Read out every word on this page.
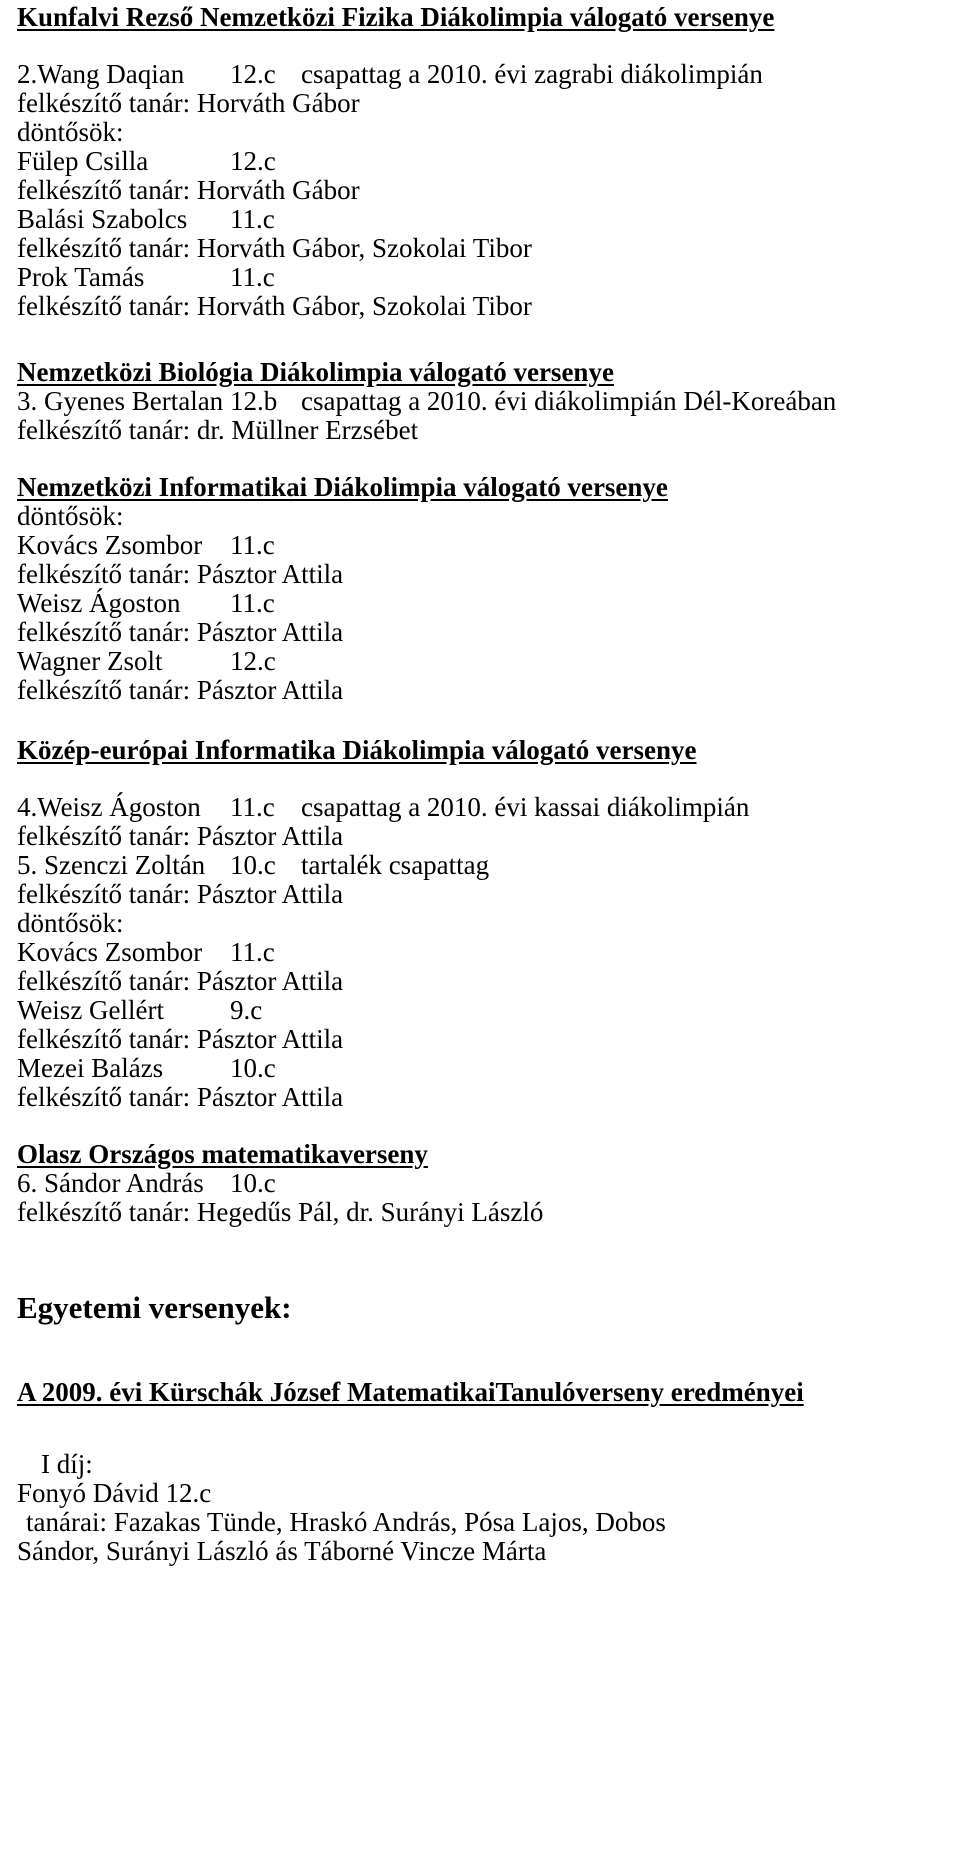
Kunfalvi Rezső Nemzetközi Fizika Diákolimpia válogató versenye

2.Wang Daqian

12.c

csapattag a 2010. évi zagrabi diákolimpián

felkészítő tanár: Horváth Gábor
döntősök:

Fülep Csilla

	12.c

felkészítő tanár: Horváth Gábor

Balási Szabolcs

11.c

felkészítő tanár: Horváth Gábor, Szokolai Tibor

Prok Tamás

	11.c

felkészítő tanár: Horváth Gábor, Szokolai Tibor
Nemzetközi Biológia Diákolimpia válogató versenye

3. Gyenes Bertalan

12.b

csapattag a 2010. évi diákolimpián Dél-Koreában

felkészítő tanár: dr. Müllner Erzsébet
Nemzetközi Informatikai Diákolimpia válogató versenye
döntősök:

Kovács Zsombor

11.c

felkészítő tanár: Pásztor Attila

Weisz Ágoston

11.c

felkészítő tanár: Pásztor Attila

Wagner Zsolt

12.c

felkészítő tanár: Pásztor Attila
Közép-európai Informatika Diákolimpia válogató versenye

4.Weisz Ágoston

11.c

csapattag a 2010. évi kassai diákolimpián

felkészítő tanár: Pásztor Attila

5. Szenczi Zoltán

10.c

tartalék csapattag

felkészítő tanár: Pásztor Attila
döntősök:

Kovács Zsombor

11.c

felkészítő tanár: Pásztor Attila

Weisz Gellért

9.c

felkészítő tanár: Pásztor Attila

Mezei Balázs

10.c

felkészítő tanár: Pásztor Attila
Olasz Országos matematikaverseny

6. Sándor András

10.c

felkészítő tanár: Hegedűs Pál, dr. Surányi László
Egyetemi versenyek:
A 2009. évi Kürschák József MatematikaiTanulóverseny eredményei
I díj:
Fonyó Dávid 12.c
tanárai: Fazakas Tünde, Hraskó András, Pósa Lajos, Dobos
Sándor, Surányi László ás Táborné Vincze Márta
